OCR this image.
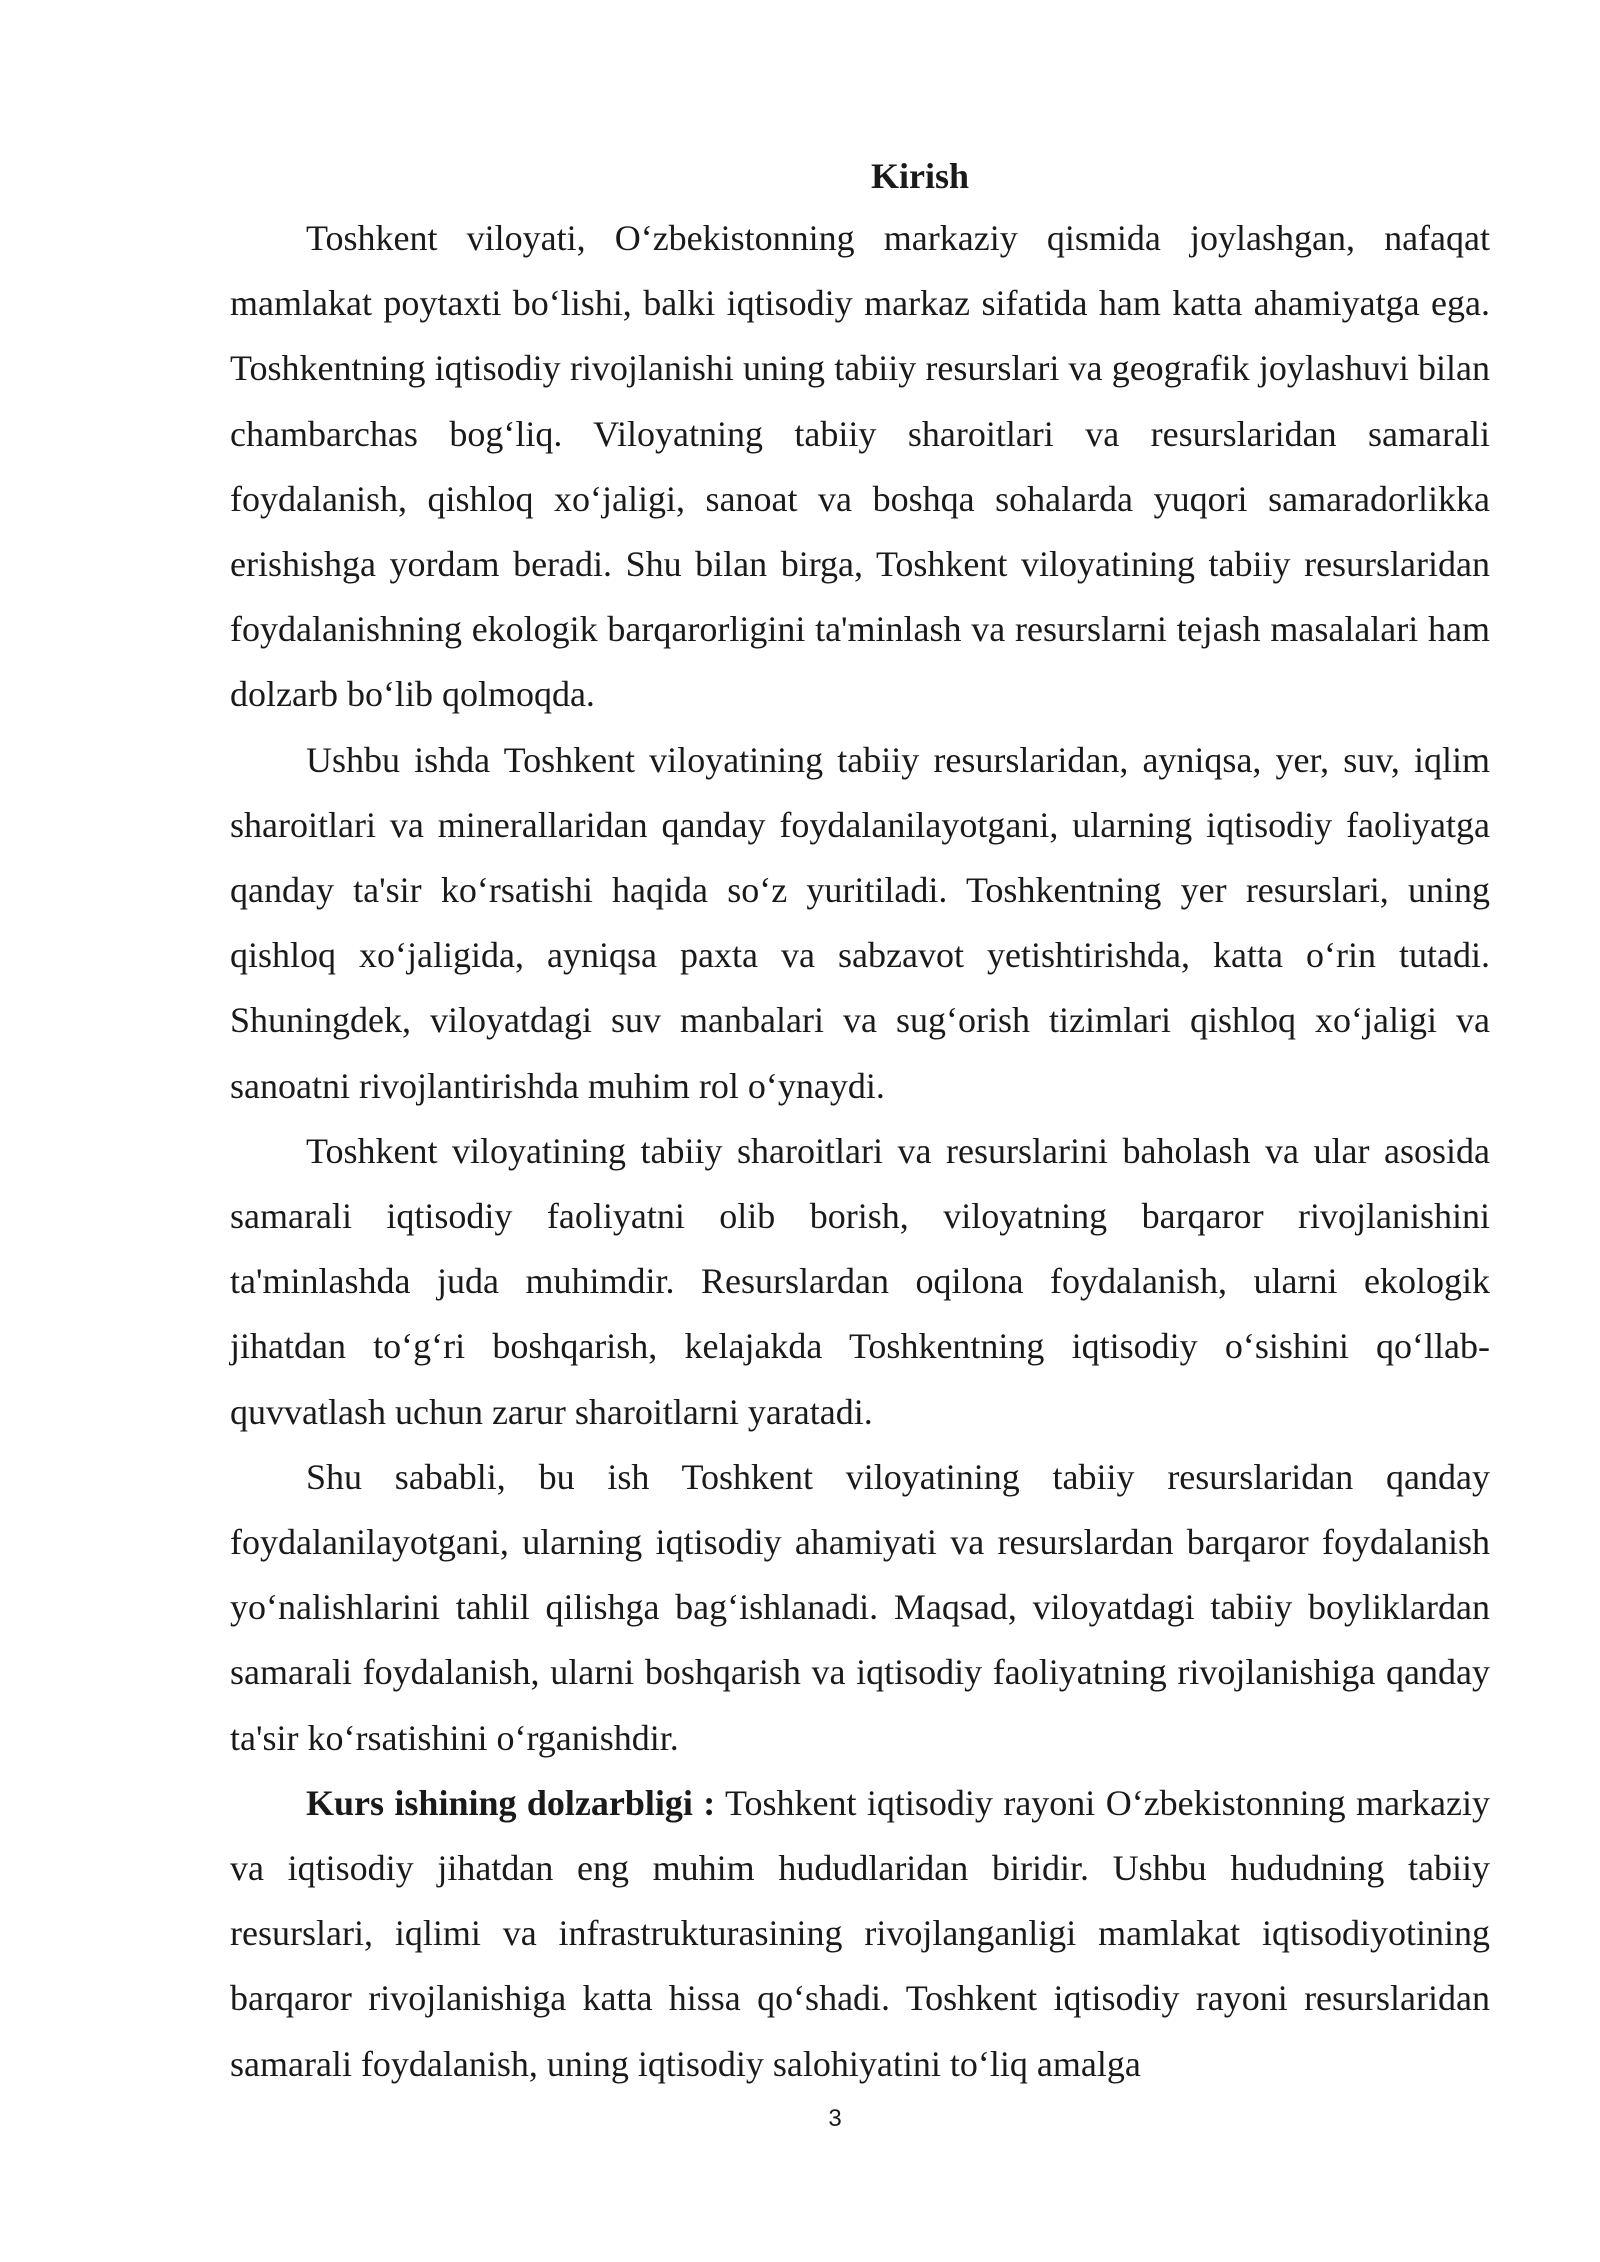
Kirish

Toshkent viloyati, O‘zbekistonning markaziy qismida joylashgan, nafaqat mamlakat poytaxti bo‘lishi, balki iqtisodiy markaz sifatida ham katta ahamiyatga ega. Toshkentning iqtisodiy rivojlanishi uning tabiiy resurslari va geografik joylashuvi bilan chambarchas bog‘liq. Viloyatning tabiiy sharoitlari va resurslaridan samarali foydalanish, qishloq xo‘jaligi, sanoat va boshqa sohalarda yuqori samaradorlikka erishishga yordam beradi. Shu bilan birga, Toshkent viloyatining tabiiy resurslaridan foydalanishning ekologik barqarorligini ta'minlash va resurslarni tejash masalalari ham dolzarb bo‘lib qolmoqda.

Ushbu ishda Toshkent viloyatining tabiiy resurslaridan, ayniqsa, yer, suv, iqlim sharoitlari va minerallaridan qanday foydalanilayotgani, ularning iqtisodiy faoliyatga qanday ta'sir ko‘rsatishi haqida so‘z yuritiladi. Toshkentning yer resurslari, uning qishloq xo‘jaligida, ayniqsa paxta va sabzavot yetishtirishda, katta o‘rin tutadi. Shuningdek, viloyatdagi suv manbalari va sug‘orish tizimlari qishloq xo‘jaligi va sanoatni rivojlantirishda muhim rol o‘ynaydi.

Toshkent viloyatining tabiiy sharoitlari va resurslarini baholash va ular asosida samarali iqtisodiy faoliyatni olib borish, viloyatning barqaror rivojlanishini ta'minlashda juda muhimdir. Resurslardan oqilona foydalanish, ularni ekologik jihatdan to‘g‘ri boshqarish, kelajakda Toshkentning iqtisodiy o‘sishini qo‘llab-quvvatlash uchun zarur sharoitlarni yaratadi.

Shu sababli, bu ish Toshkent viloyatining tabiiy resurslaridan qanday foydalanilayotgani, ularning iqtisodiy ahamiyati va resurslardan barqaror foydalanish yo‘nalishlarini tahlil qilishga bag‘ishlanadi. Maqsad, viloyatdagi tabiiy boyliklardan samarali foydalanish, ularni boshqarish va iqtisodiy faoliyatning rivojlanishiga qanday ta'sir ko‘rsatishini o‘rganishdir.

Kurs ishining dolzarbligi : Toshkent iqtisodiy rayoni O‘zbekistonning markaziy va iqtisodiy jihatdan eng muhim hududlaridan biridir. Ushbu hududning tabiiy resurslari, iqlimi va infrastrukturasining rivojlanganligi mamlakat iqtisodiyotining barqaror rivojlanishiga katta hissa qo‘shadi. Toshkent iqtisodiy rayoni resurslaridan samarali foydalanish, uning iqtisodiy salohiyatini to‘liq amalga

3
